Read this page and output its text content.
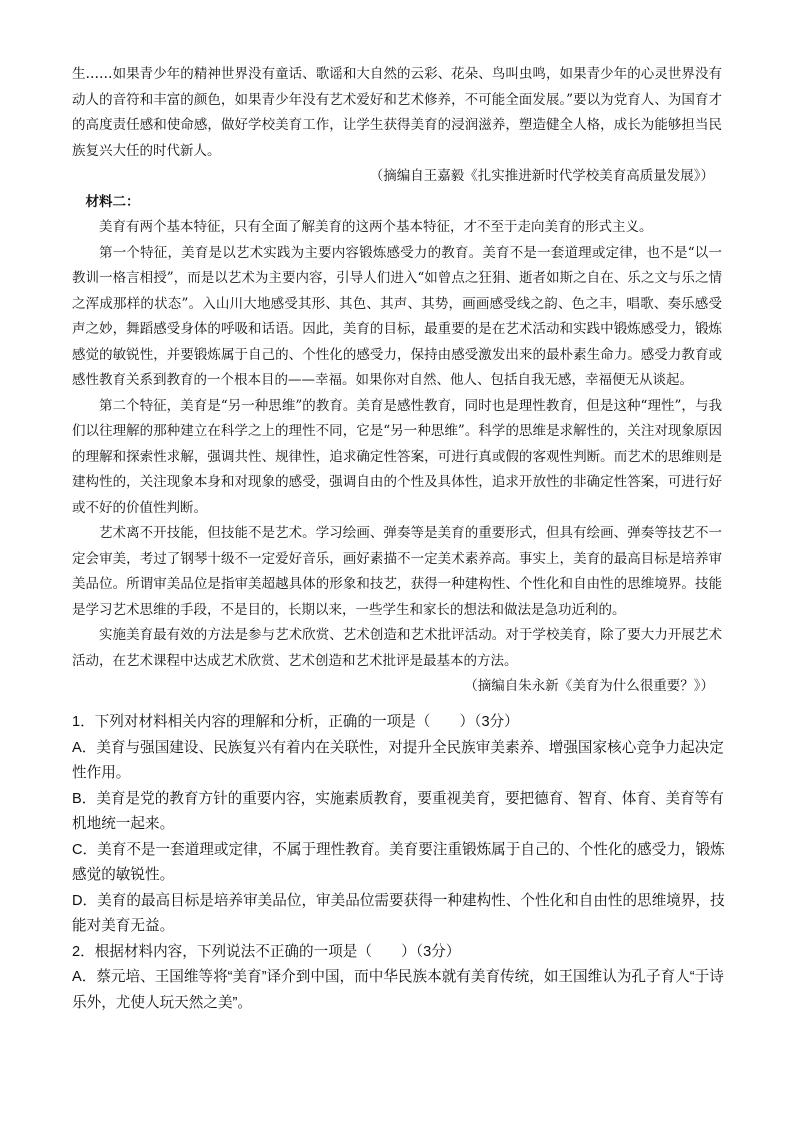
生……如果青少年的精神世界没有童话、歌谣和大自然的云彩、花朵、鸟叫虫鸣，如果青少年的心灵世界没有动人的音符和丰富的颜色，如果青少年没有艺术爱好和艺术修养，不可能全面发展。”要以为党育人、为国育才的高度责任感和使命感，做好学校美育工作，让学生获得美育的浸润滋养，塑造健全人格，成长为能够担当民族复兴大任的时代新人。

（摘编自王嘉毅《扎实推进新时代学校美育高质量发展》）

材料二：

美育有两个基本特征，只有全面了解美育的这两个基本特征，才不至于走向美育的形式主义。

第一个特征，美育是以艺术实践为主要内容锻炼感受力的教育。美育不是一套道理或定律，也不是“以一教训一格言相授”，而是以艺术为主要内容，引导人们进入“如曾点之狂狷、逝者如斯之自在、乐之文与乐之情之浑成那样的状态”。入山川大地感受其形、其色、其声、其势，画画感受线之韵、色之丰，唱歌、奏乐感受声之妙，舞蹈感受身体的呼吸和话语。因此，美育的目标，最重要的是在艺术活动和实践中锻炼感受力，锻炼感觉的敏锐性，并要锻炼属于自己的、个性化的感受力，保持由感受激发出来的最朴素生命力。感受力教育或感性教育关系到教育的一个根本目的——幸福。如果你对自然、他人、包括自我无感，幸福便无从谈起。

第二个特征，美育是“另一种思维”的教育。美育是感性教育，同时也是理性教育，但是这种“理性”，与我们以往理解的那种建立在科学之上的理性不同，它是“另一种思维”。科学的思维是求解性的，关注对现象原因的理解和探索性求解，强调共性、规律性，追求确定性答案，可进行真或假的客观性判断。而艺术的思维则是建构性的，关注现象本身和对现象的感受，强调自由的个性及具体性，追求开放性的非确定性答案，可进行好或不好的价值性判断。

艺术离不开技能，但技能不是艺术。学习绘画、弹奏等是美育的重要形式，但具有绘画、弹奏等技艺不一定会审美，考过了钢琴十级不一定爱好音乐，画好素描不一定美术素养高。事实上，美育的最高目标是培养审美品位。所谓审美品位是指审美超越具体的形象和技艺，获得一种建构性、个性化和自由性的思维境界。技能是学习艺术思维的手段，不是目的，长期以来，一些学生和家长的想法和做法是急功近利的。

实施美育最有效的方法是参与艺术欣赏、艺术创造和艺术批评活动。对于学校美育，除了要大力开展艺术活动，在艺术课程中达成艺术欣赏、艺术创造和艺术批评是最基本的方法。

（摘编自朱永新《美育为什么很重要？》）

1．下列对材料相关内容的理解和分析，正确的一项是（　　）（3分）

A．美育与强国建设、民族复兴有着内在关联性，对提升全民族审美素养、增强国家核心竞争力起决定性作用。

B．美育是党的教育方针的重要内容，实施素质教育，要重视美育，要把德育、智育、体育、美育等有机地统一起来。

C．美育不是一套道理或定律，不属于理性教育。美育要注重锻炼属于自己的、个性化的感受力，锻炼感觉的敏锐性。

D．美育的最高目标是培养审美品位，审美品位需要获得一种建构性、个性化和自由性的思维境界，技能对美育无益。

2．根据材料内容，下列说法不正确的一项是（　　）（3分）

A．蔡元培、王国维等将“美育”译介到中国，而中华民族本就有美育传统，如王国维认为孔子育人“于诗乐外，尤使人玩天然之美”。
